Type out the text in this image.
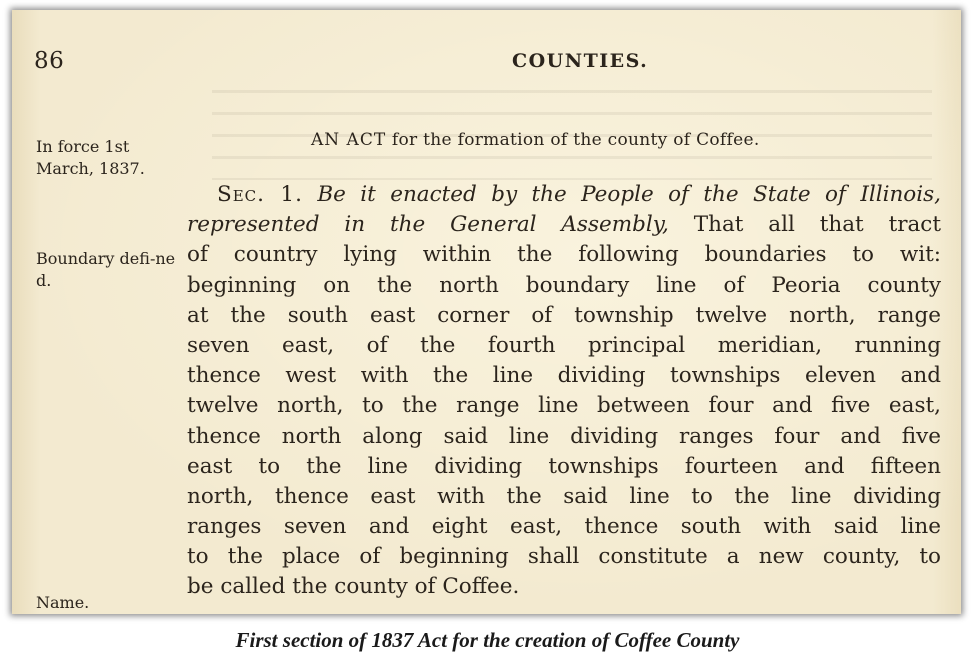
86	COUNTIES.
In force 1st March, 1837.
Boundary defi-ned.
Name.
AN ACT for the formation of the county of Coffee.
Sec. 1. Be it enacted by the People of the State of Illinois,
represented in the General Assembly, That all that tract
of country lying within the following boundaries to wit:
beginning on the north boundary line of Peoria county
at the south east corner of township twelve north, range
seven east, of the fourth principal meridian, running
thence west with the line dividing townships eleven and
twelve north, to the range line between four and five east,
thence north along said line dividing ranges four and five
east to the line dividing townships fourteen and fifteen
north, thence east with the said line to the line dividing
ranges seven and eight east, thence south with said line
to the place of beginning shall constitute a new county, to
be called the county of Coffee.
First section of 1837 Act for the creation of Coffee County
